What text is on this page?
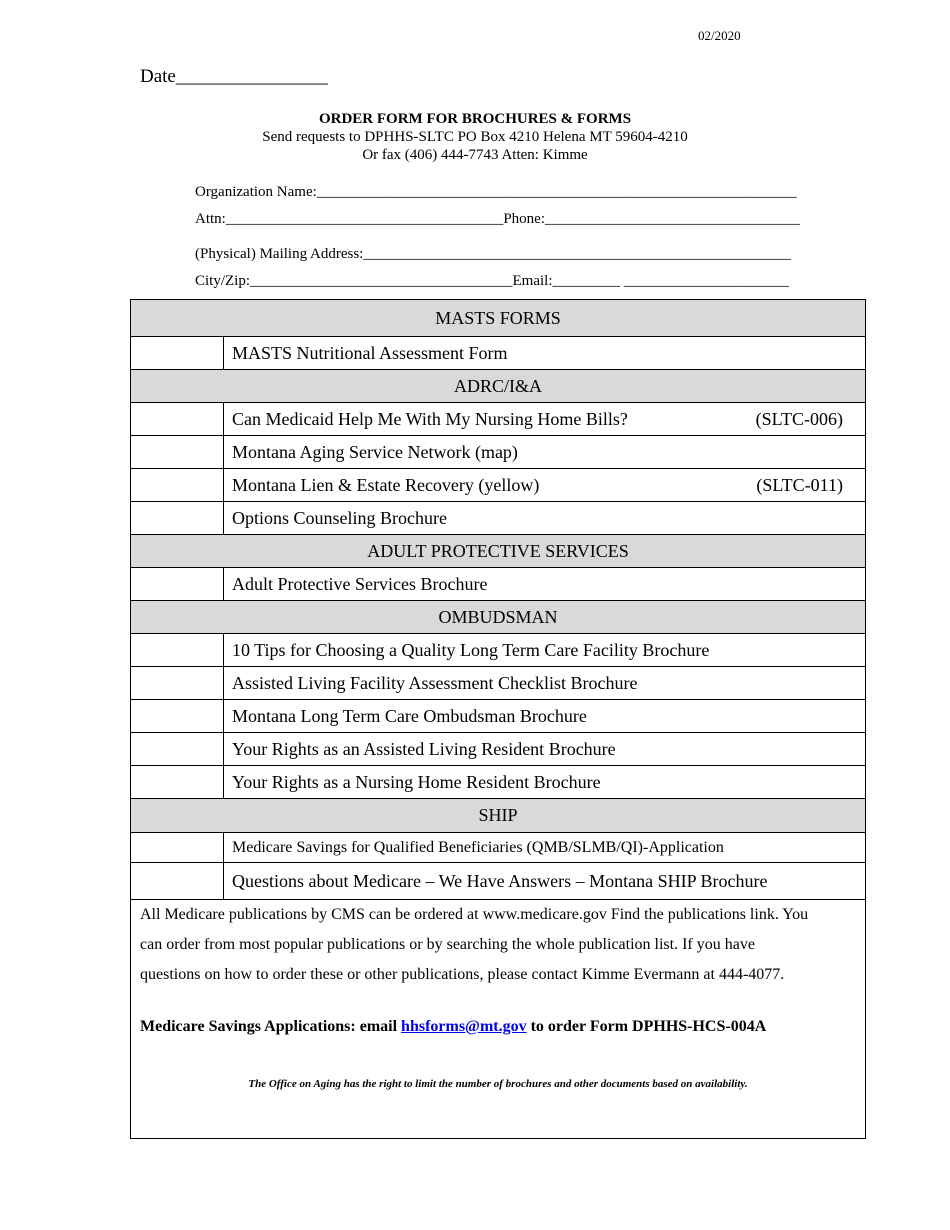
02/2020
Date________________
ORDER FORM FOR BROCHURES & FORMS
Send requests to DPHHS-SLTC PO Box 4210 Helena MT 59604-4210
Or fax (406) 444-7743 Atten: Kimme
Organization Name:________________________________________________________________
Attn:_____________________________________Phone:__________________________________
(Physical) Mailing Address:_________________________________________________________
City/Zip:___________________________________Email:_________ ______________________
MASTS FORMS
MASTS Nutritional Assessment Form
ADRC/I&A
Can Medicaid Help Me With My Nursing Home Bills?	(SLTC-006)
Montana Aging Service Network (map)
Montana Lien & Estate Recovery (yellow)	(SLTC-011)
Options Counseling Brochure
ADULT PROTECTIVE SERVICES
Adult Protective Services Brochure
OMBUDSMAN
10 Tips for Choosing a Quality Long Term Care Facility Brochure
Assisted Living Facility Assessment Checklist Brochure
Montana Long Term Care Ombudsman Brochure
Your Rights as an Assisted Living Resident Brochure
Your Rights as a Nursing Home Resident Brochure
SHIP
Medicare Savings for Qualified Beneficiaries (QMB/SLMB/QI)-Application
Questions about Medicare – We Have Answers – Montana SHIP Brochure

All Medicare publications by CMS can be ordered at www.medicare.gov Find the publications link. You

can order from most popular publications or by searching the whole publication list. If you have

questions on how to order these or other publications, please contact Kimme Evermann at 444-4077.

Medicare Savings Applications: email hhsforms@mt.gov to order Form DPHHS-HCS-004A
The Office on Aging has the right to limit the number of brochures and other documents based on availability.
